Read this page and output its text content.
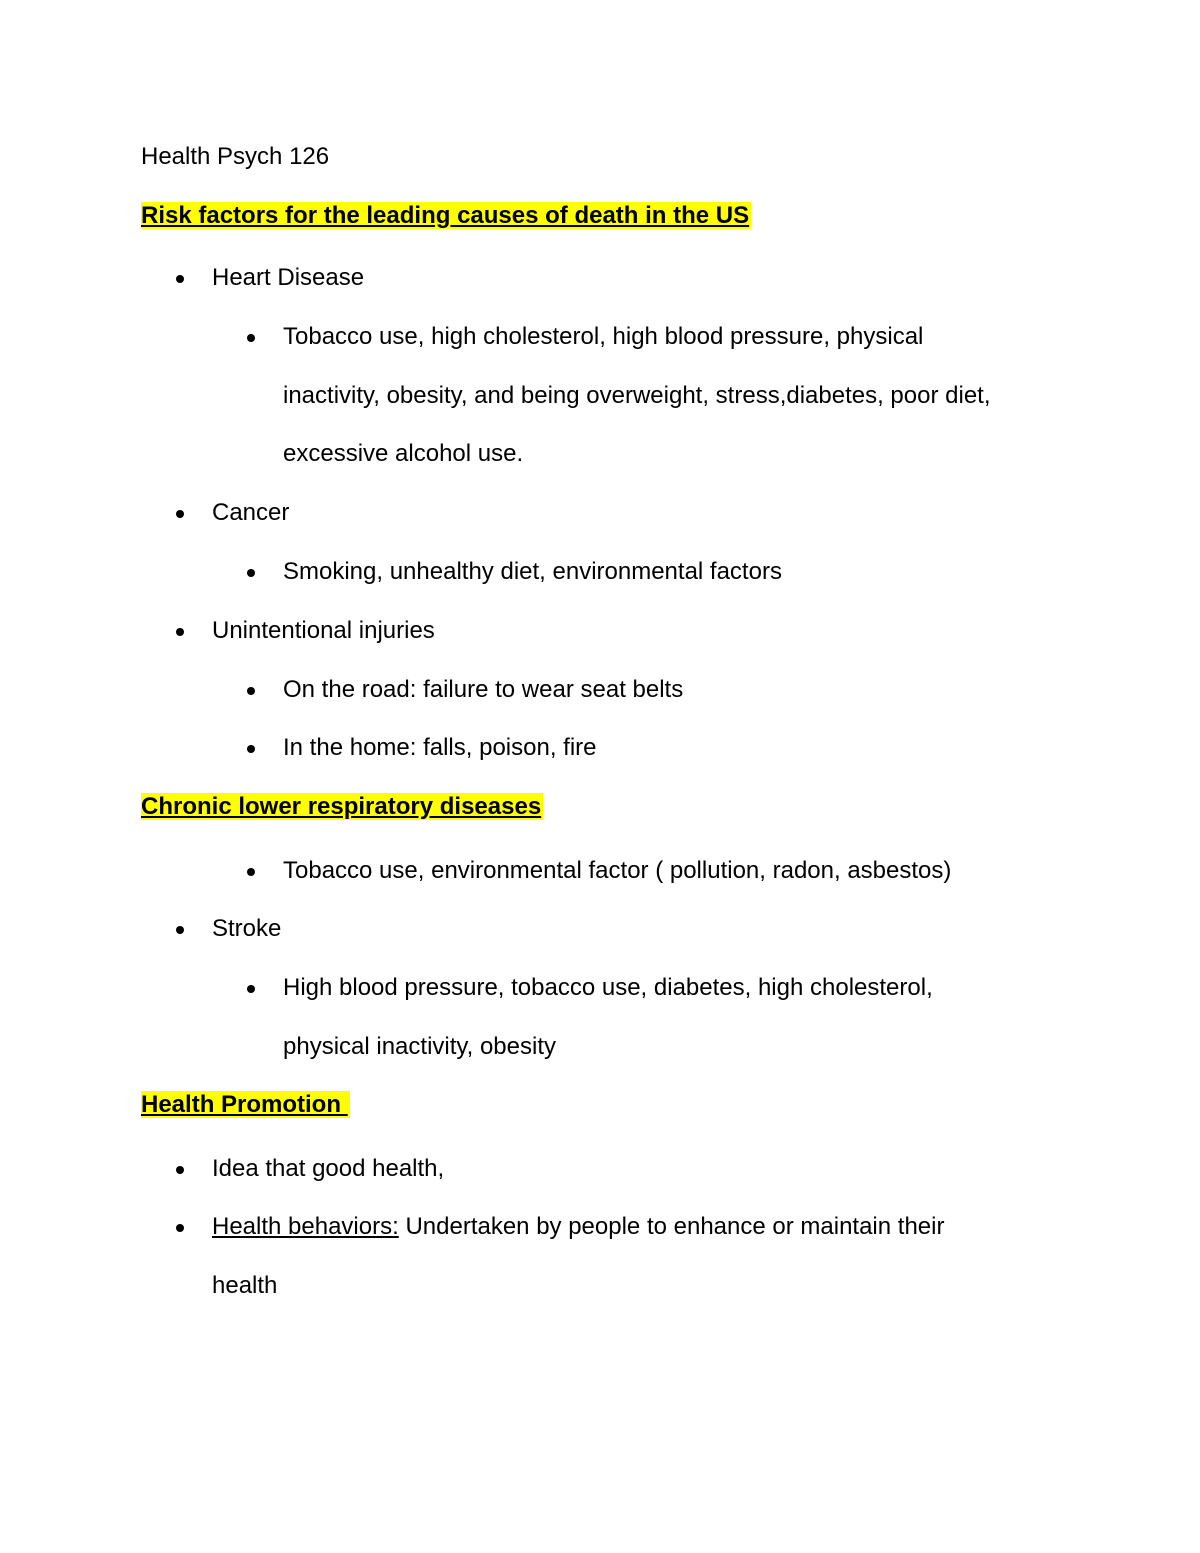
Health Psych 126
Risk factors for the leading causes of death in the US
Heart Disease
Tobacco use, high cholesterol, high blood pressure, physical
inactivity, obesity, and being overweight, stress,diabetes, poor diet,
excessive alcohol use.
Cancer
Smoking, unhealthy diet, environmental factors
Unintentional injuries
On the road: failure to wear seat belts
In the home: falls, poison, fire
Chronic lower respiratory diseases
Tobacco use, environmental factor ( pollution, radon, asbestos)
Stroke
High blood pressure, tobacco use, diabetes, high cholesterol,
physical inactivity, obesity
Health Promotion
Idea that good health,
Health behaviors: Undertaken by people to enhance or maintain their
health
